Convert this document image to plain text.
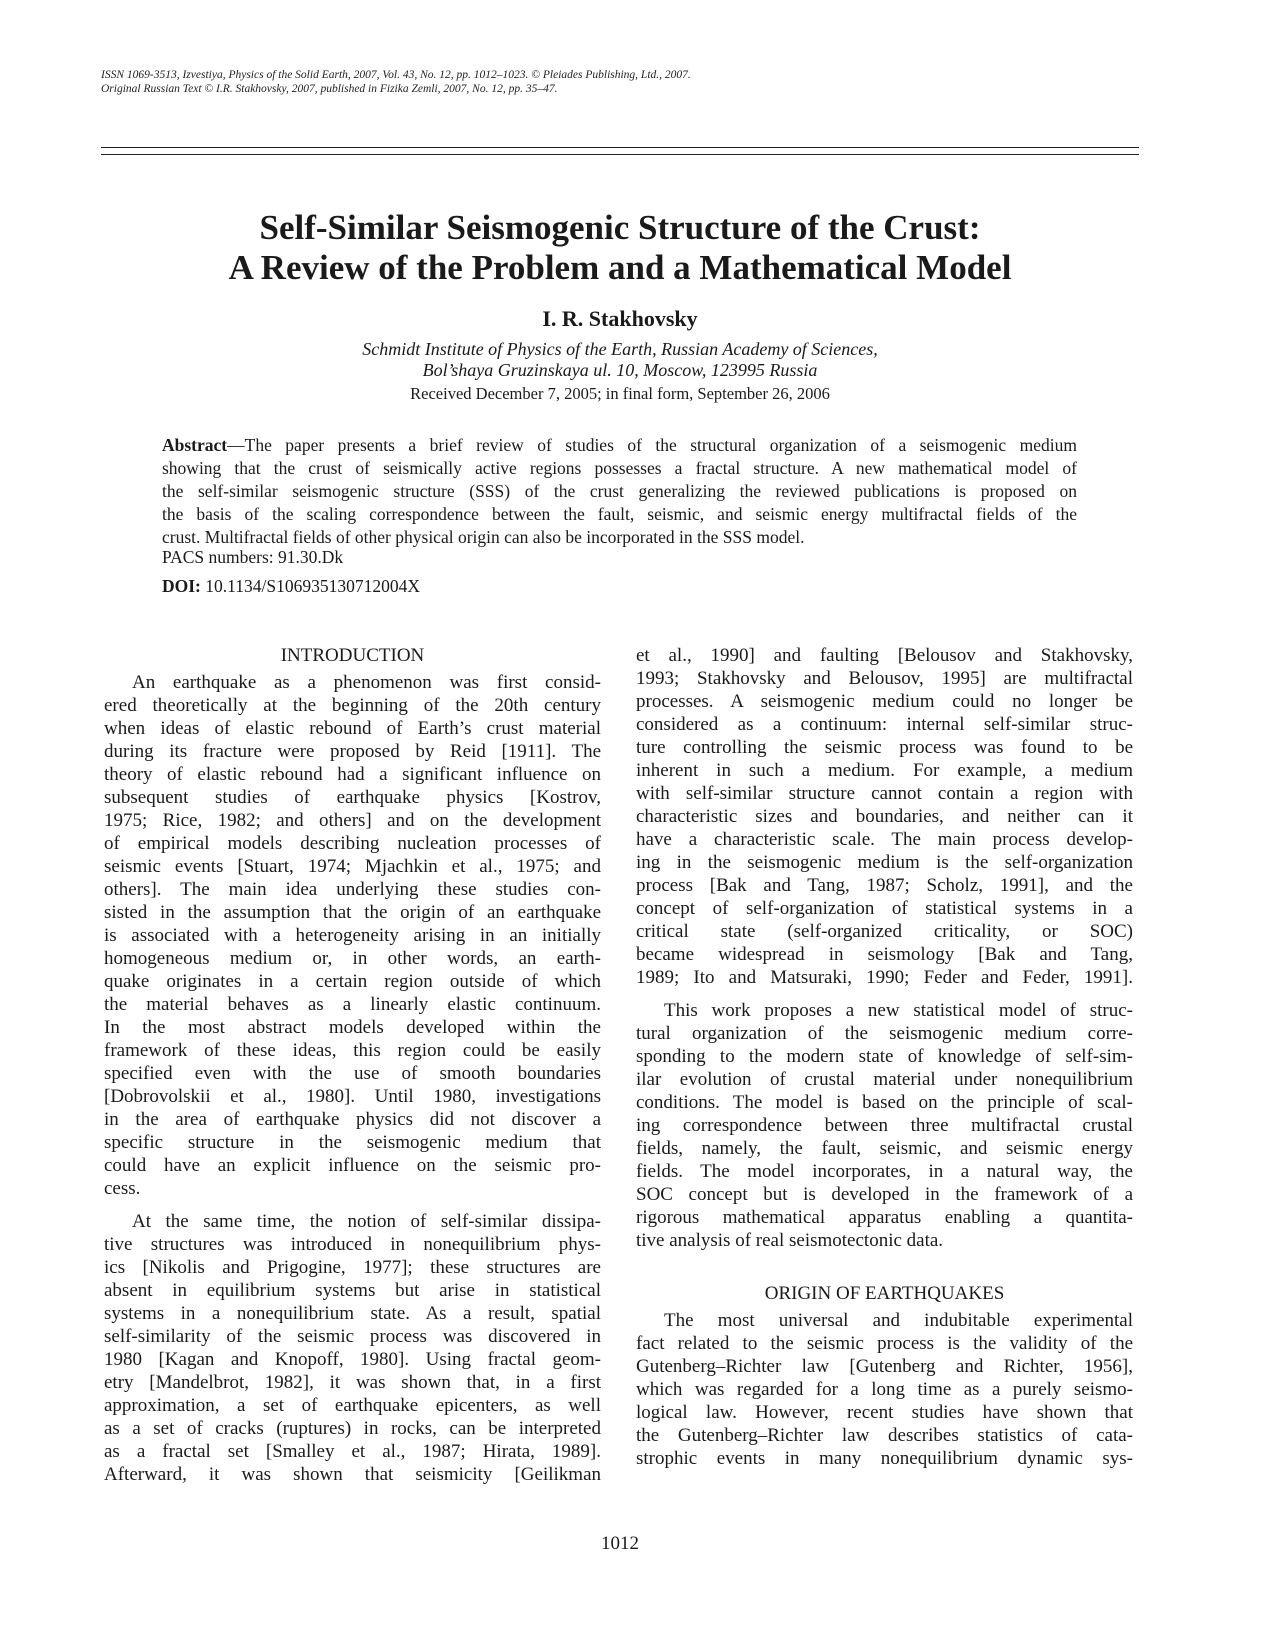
ISSN 1069-3513, Izvestiya, Physics of the Solid Earth, 2007, Vol. 43, No. 12, pp. 1012–1023. © Pleiades Publishing, Ltd., 2007.
Original Russian Text © I.R. Stakhovsky, 2007, published in Fizika Zemli, 2007, No. 12, pp. 35–47.
Self-Similar Seismogenic Structure of the Crust:
A Review of the Problem and a Mathematical Model
I. R. Stakhovsky
Schmidt Institute of Physics of the Earth, Russian Academy of Sciences,
Bol’shaya Gruzinskaya ul. 10, Moscow, 123995 Russia
Received December 7, 2005; in final form, September 26, 2006
Abstract—The paper presents a brief review of studies of the structural organization of a seismogenic medium
showing that the crust of seismically active regions possesses a fractal structure. A new mathematical model of
the self-similar seismogenic structure (SSS) of the crust generalizing the reviewed publications is proposed on
the basis of the scaling correspondence between the fault, seismic, and seismic energy multifractal fields of the
crust. Multifractal fields of other physical origin can also be incorporated in the SSS model.
PACS numbers: 91.30.Dk
DOI: 10.1134/S106935130712004X
INTRODUCTION
An earthquake as a phenomenon was first consid-
ered theoretically at the beginning of the 20th century
when ideas of elastic rebound of Earth’s crust material
during its fracture were proposed by Reid [1911]. The
theory of elastic rebound had a significant influence on
subsequent studies of earthquake physics [Kostrov,
1975; Rice, 1982; and others] and on the development
of empirical models describing nucleation processes of
seismic events [Stuart, 1974; Mjachkin et al., 1975; and
others]. The main idea underlying these studies con-
sisted in the assumption that the origin of an earthquake
is associated with a heterogeneity arising in an initially
homogeneous medium or, in other words, an earth-
quake originates in a certain region outside of which
the material behaves as a linearly elastic continuum.
In the most abstract models developed within the
framework of these ideas, this region could be easily
specified even with the use of smooth boundaries
[Dobrovolskii et al., 1980]. Until 1980, investigations
in the area of earthquake physics did not discover a
specific structure in the seismogenic medium that
could have an explicit influence on the seismic pro-
cess.
At the same time, the notion of self-similar dissipa-
tive structures was introduced in nonequilibrium phys-
ics [Nikolis and Prigogine, 1977]; these structures are
absent in equilibrium systems but arise in statistical
systems in a nonequilibrium state. As a result, spatial
self-similarity of the seismic process was discovered in
1980 [Kagan and Knopoff, 1980]. Using fractal geom-
etry [Mandelbrot, 1982], it was shown that, in a first
approximation, a set of earthquake epicenters, as well
as a set of cracks (ruptures) in rocks, can be interpreted
as a fractal set [Smalley et al., 1987; Hirata, 1989].
Afterward, it was shown that seismicity [Geilikman
et al., 1990] and faulting [Belousov and Stakhovsky,
1993; Stakhovsky and Belousov, 1995] are multifractal
processes. A seismogenic medium could no longer be
considered as a continuum: internal self-similar struc-
ture controlling the seismic process was found to be
inherent in such a medium. For example, a medium
with self-similar structure cannot contain a region with
characteristic sizes and boundaries, and neither can it
have a characteristic scale. The main process develop-
ing in the seismogenic medium is the self-organization
process [Bak and Tang, 1987; Scholz, 1991], and the
concept of self-organization of statistical systems in a
critical state (self-organized criticality, or SOC)
became widespread in seismology [Bak and Tang,
1989; Ito and Matsuraki, 1990; Feder and Feder, 1991].
This work proposes a new statistical model of struc-
tural organization of the seismogenic medium corre-
sponding to the modern state of knowledge of self-sim-
ilar evolution of crustal material under nonequilibrium
conditions. The model is based on the principle of scal-
ing correspondence between three multifractal crustal
fields, namely, the fault, seismic, and seismic energy
fields. The model incorporates, in a natural way, the
SOC concept but is developed in the framework of a
rigorous mathematical apparatus enabling a quantita-
tive analysis of real seismotectonic data.
ORIGIN OF EARTHQUAKES
The most universal and indubitable experimental
fact related to the seismic process is the validity of the
Gutenberg–Richter law [Gutenberg and Richter, 1956],
which was regarded for a long time as a purely seismo-
logical law. However, recent studies have shown that
the Gutenberg–Richter law describes statistics of cata-
strophic events in many nonequilibrium dynamic sys-
1012
